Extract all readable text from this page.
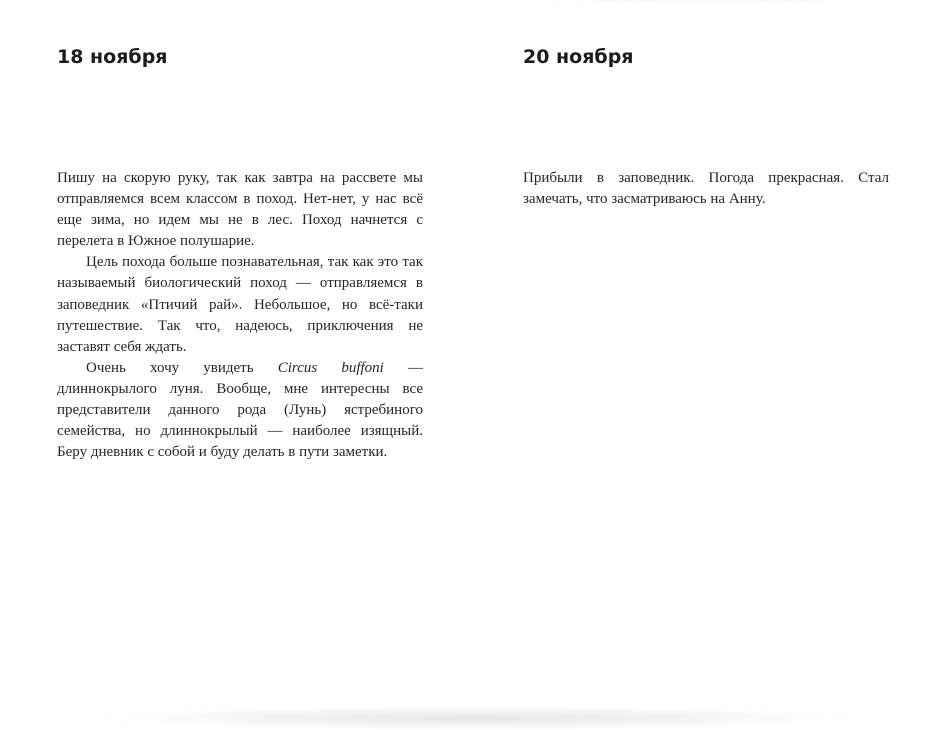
18 ноября

Пишу на скорую руку, так как завтра на рассвете мы отправляемся всем классом в поход. Нет-нет, у нас всё еще зима, но идем мы не в лес. Поход начнется с перелета в Южное полушарие.

Цель похода больше познавательная, так как это так называемый биологический поход — отправляемся в заповедник «Птичий рай». Небольшое, но всё-таки путешествие. Так что, надеюсь, приключения не заставят себя ждать.

Очень хочу увидеть Circus buffoni — длиннокрылого луня. Вообще, мне интересны все представители данного рода (Лунь) ястребиного семейства, но длиннокрылый — наиболее изящный. Беру дневник с собой и буду делать в пути заметки.

20 ноября

Прибыли в заповедник. Погода прекрасная. Стал замечать, что засматриваюсь на Анну.
